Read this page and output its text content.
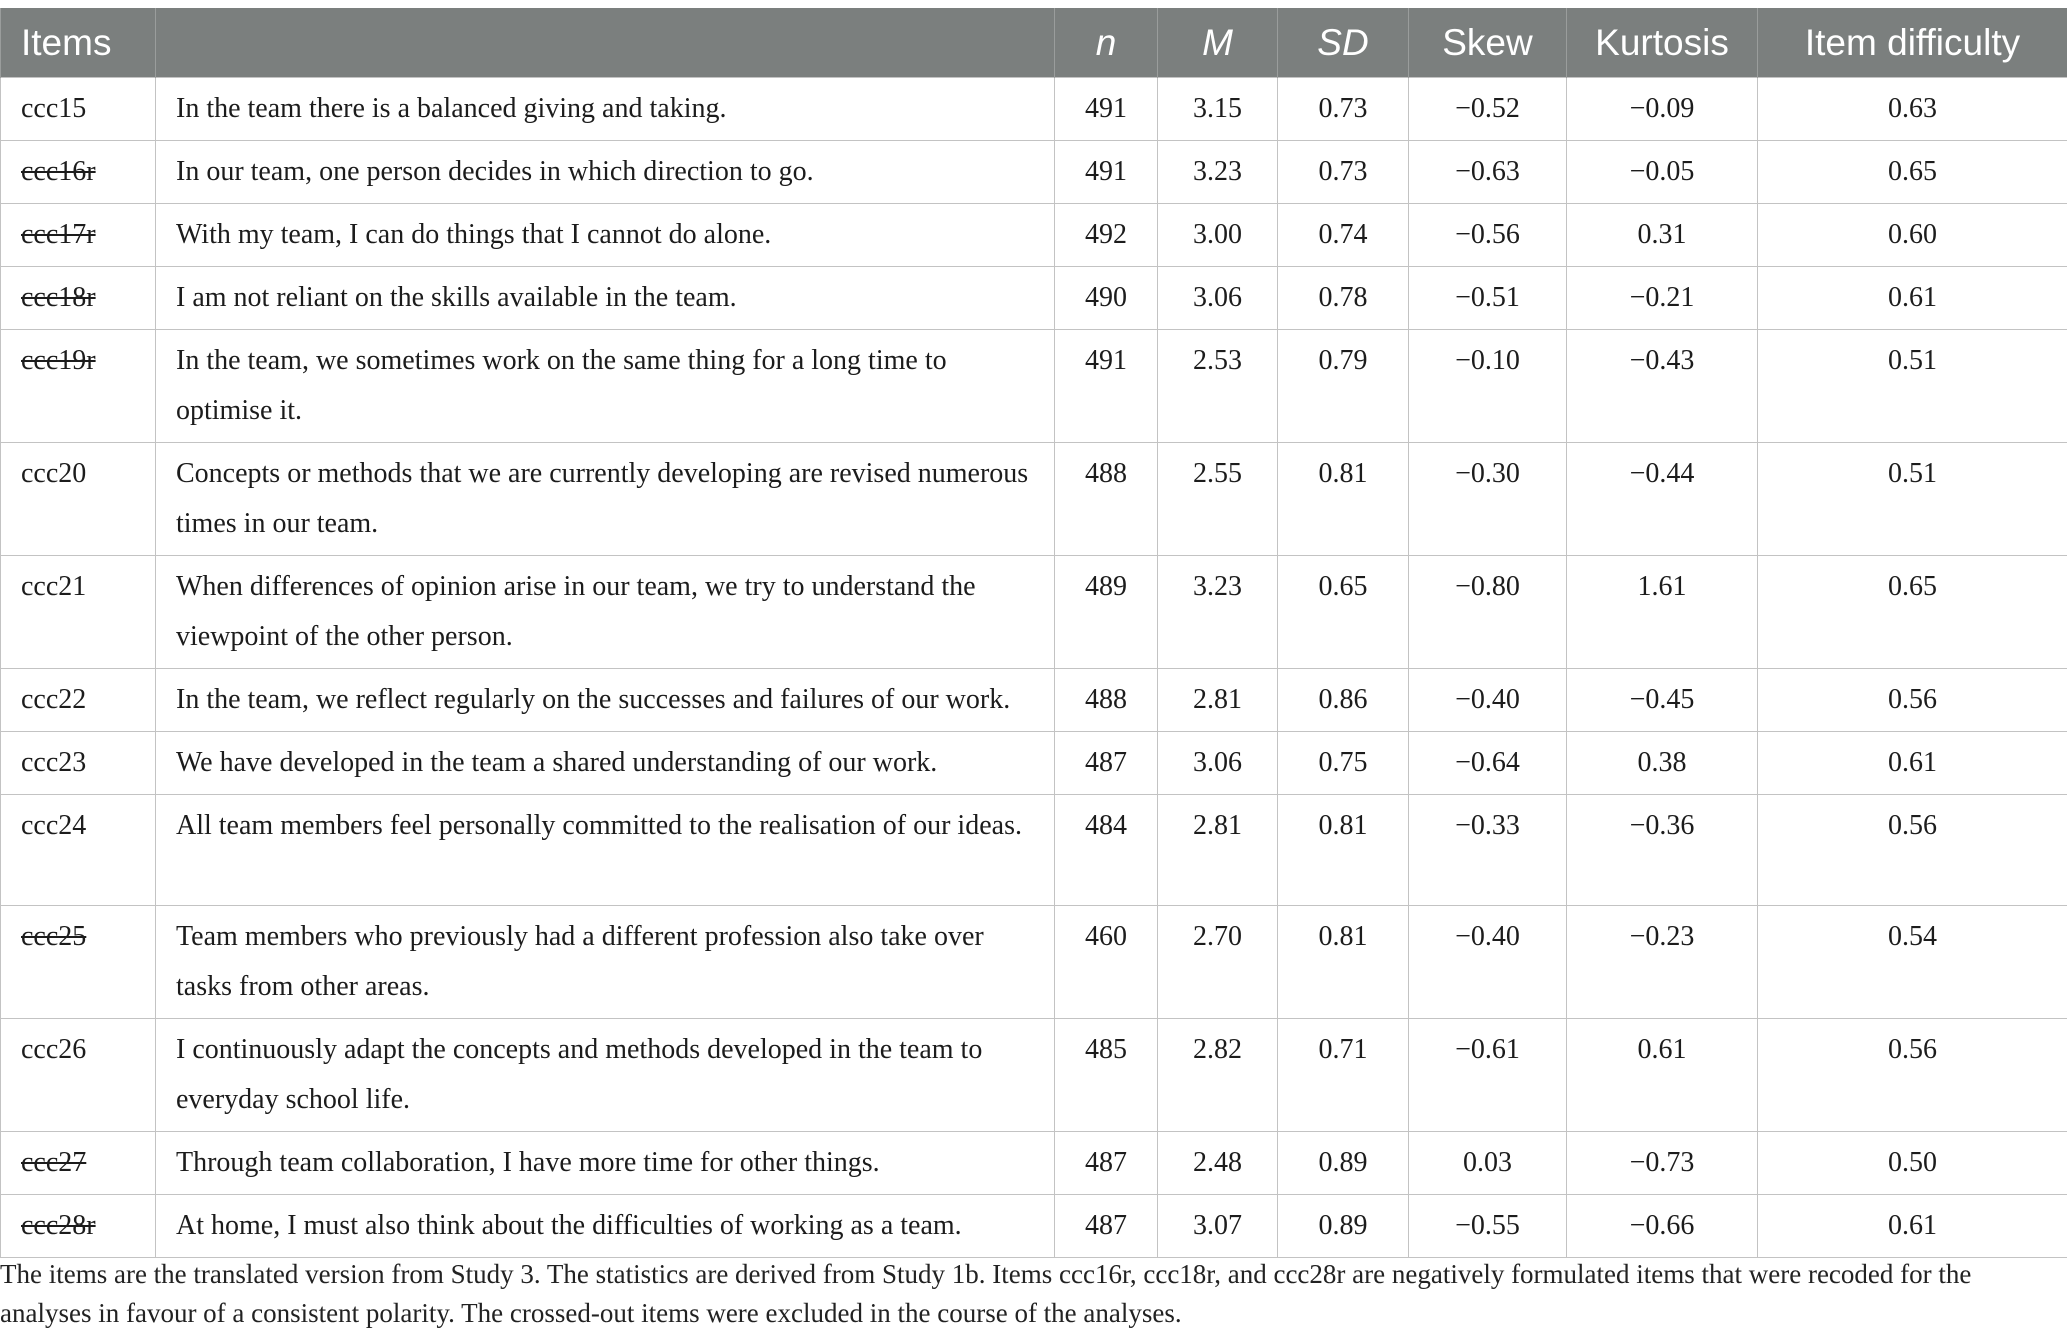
Items		n	M	SD	Skew	Kurtosis	Item difficulty

ccc15	In the team there is a balanced giving and taking.	491	3.15	0.73	−0.52	−0.09	0.63

ccc16r	In our team, one person decides in which direction to go.	491	3.23	0.73	−0.63	−0.05	0.65

ccc17r	With my team, I can do things that I cannot do alone.	492	3.00	0.74	−0.56	0.31	0.60

ccc18r	I am not reliant on the skills available in the team.	490	3.06	0.78	−0.51	−0.21	0.61

ccc19r	In the team, we sometimes work on the same thing for a long time to optimise it.	491	2.53	0.79	−0.10	−0.43	0.51

ccc20	Concepts or methods that we are currently developing are revised numerous times in our team.	488	2.55	0.81	−0.30	−0.44	0.51

ccc21	When differences of opinion arise in our team, we try to understand the viewpoint of the other person.	489	3.23	0.65	−0.80	1.61	0.65

ccc22	In the team, we reflect regularly on the successes and failures of our work.	488	2.81	0.86	−0.40	−0.45	0.56

ccc23	We have developed in the team a shared understanding of our work.	487	3.06	0.75	−0.64	0.38	0.61

ccc24	All team members feel personally committed to the realisation of our ideas.	484	2.81	0.81	−0.33	−0.36	0.56

ccc25	Team members who previously had a different profession also take over tasks from other areas.	460	2.70	0.81	−0.40	−0.23	0.54

ccc26	I continuously adapt the concepts and methods developed in the team to everyday school life.	485	2.82	0.71	−0.61	0.61	0.56

ccc27	Through team collaboration, I have more time for other things.	487	2.48	0.89	0.03	−0.73	0.50

ccc28r	At home, I must also think about the difficulties of working as a team.	487	3.07	0.89	−0.55	−0.66	0.61

The items are the translated version from Study 3. The statistics are derived from Study 1b. Items ccc16r, ccc18r, and ccc28r are negatively formulated items that were recoded for the analyses in favour of a consistent polarity. The crossed-out items were excluded in the course of the analyses.
